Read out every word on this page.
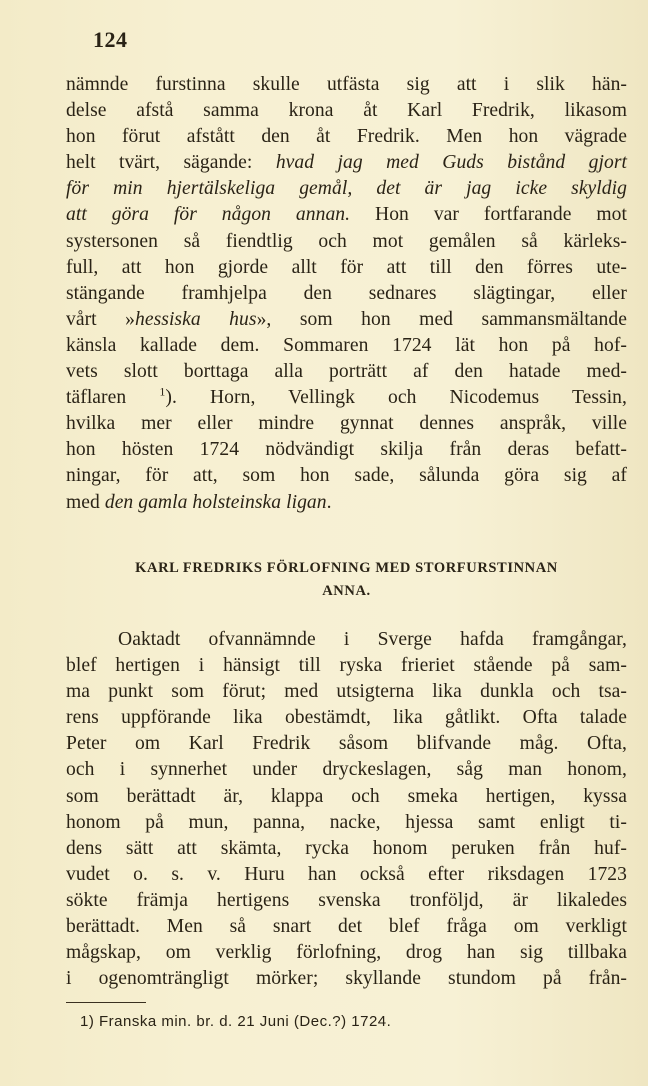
124
nämnde furstinna skulle utfästa sig att i slik hän-
delse afstå samma krona åt Karl Fredrik, likasom
hon förut afstått den åt Fredrik. Men hon vägrade
helt tvärt, sägande: hvad jag med Guds bistånd gjort
för min hjertälskeliga gemål, det är jag icke skyldig
att göra för någon annan. Hon var fortfarande mot
systersonen så fiendtlig och mot gemålen så kärleks-
full, att hon gjorde allt för att till den förres ute-
stängande framhjelpa den sednares slägtingar, eller
vårt »hessiska hus», som hon med sammansmältande
känsla kallade dem. Sommaren 1724 lät hon på hof-
vets slott borttaga alla porträtt af den hatade med-
täflaren $^1$). Horn, Vellingk och Nicodemus Tessin,
hvilka mer eller mindre gynnat dennes anspråk, ville
hon hösten 1724 nödvändigt skilja från deras befatt-
ningar, för att, som hon sade, sålunda göra sig af
med den gamla holsteinska ligan.
KARL FREDRIKS FÖRLOFNING MED STORFURSTINNAN
ANNA.
Oaktadt ofvannämnde i Sverge hafda framgångar,
blef hertigen i hänsigt till ryska frieriet stående på sam-
ma punkt som förut; med utsigterna lika dunkla och tsa-
rens uppförande lika obestämdt, lika gåtlikt. Ofta talade
Peter om Karl Fredrik såsom blifvande måg. Ofta,
och i synnerhet under dryckeslagen, såg man honom,
som berättadt är, klappa och smeka hertigen, kyssa
honom på mun, panna, nacke, hjessa samt enligt ti-
dens sätt att skämta, rycka honom peruken från huf-
vudet o. s. v. Huru han också efter riksdagen 1723
sökte främja hertigens svenska tronföljd, är likaledes
berättadt. Men så snart det blef fråga om verkligt
mågskap, om verklig förlofning, drog han sig tillbaka
i ogenomträngligt mörker; skyllande stundom på från-
1) Franska min. br. d. 21 Juni (Dec.?) 1724.
